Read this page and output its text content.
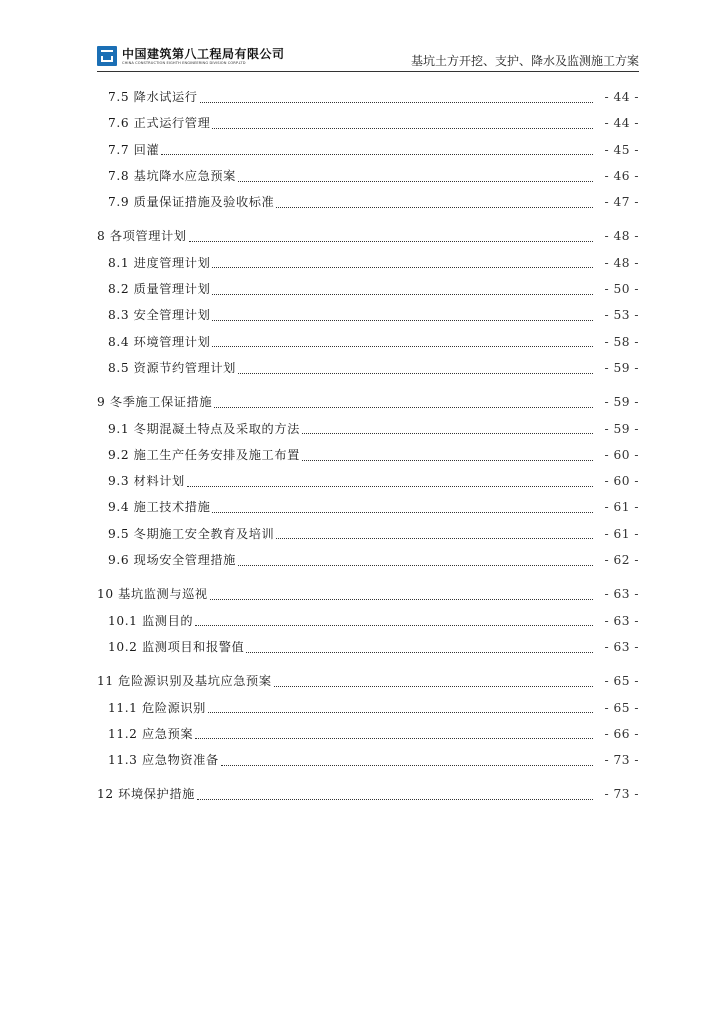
中国建筑第八工程局有限公司
CHINA CONSTRUCTION EIGHTH ENGINEERING DIVISION CORP.LTD	基坑土方开挖、支护、降水及监测施工方案
7.5 降水试运行	- 44 -
7.6 正式运行管理	- 44 -
7.7 回灌	- 45 -
7.8 基坑降水应急预案	- 46 -
7.9 质量保证措施及验收标准	- 47 -
8 各项管理计划	- 48 -
8.1 进度管理计划	- 48 -
8.2 质量管理计划	- 50 -
8.3 安全管理计划	- 53 -
8.4 环境管理计划	- 58 -
8.5 资源节约管理计划	- 59 -
9 冬季施工保证措施	- 59 -
9.1 冬期混凝土特点及采取的方法	- 59 -
9.2 施工生产任务安排及施工布置	- 60 -
9.3 材料计划	- 60 -
9.4 施工技术措施	- 61 -
9.5 冬期施工安全教育及培训	- 61 -
9.6 现场安全管理措施	- 62 -
10 基坑监测与巡视	- 63 -
10.1 监测目的	- 63 -
10.2 监测项目和报警值	- 63 -
11 危险源识别及基坑应急预案	- 65 -
11.1 危险源识别	- 65 -
11.2 应急预案	- 66 -
11.3 应急物资准备	- 73 -
12 环境保护措施	- 73 -
